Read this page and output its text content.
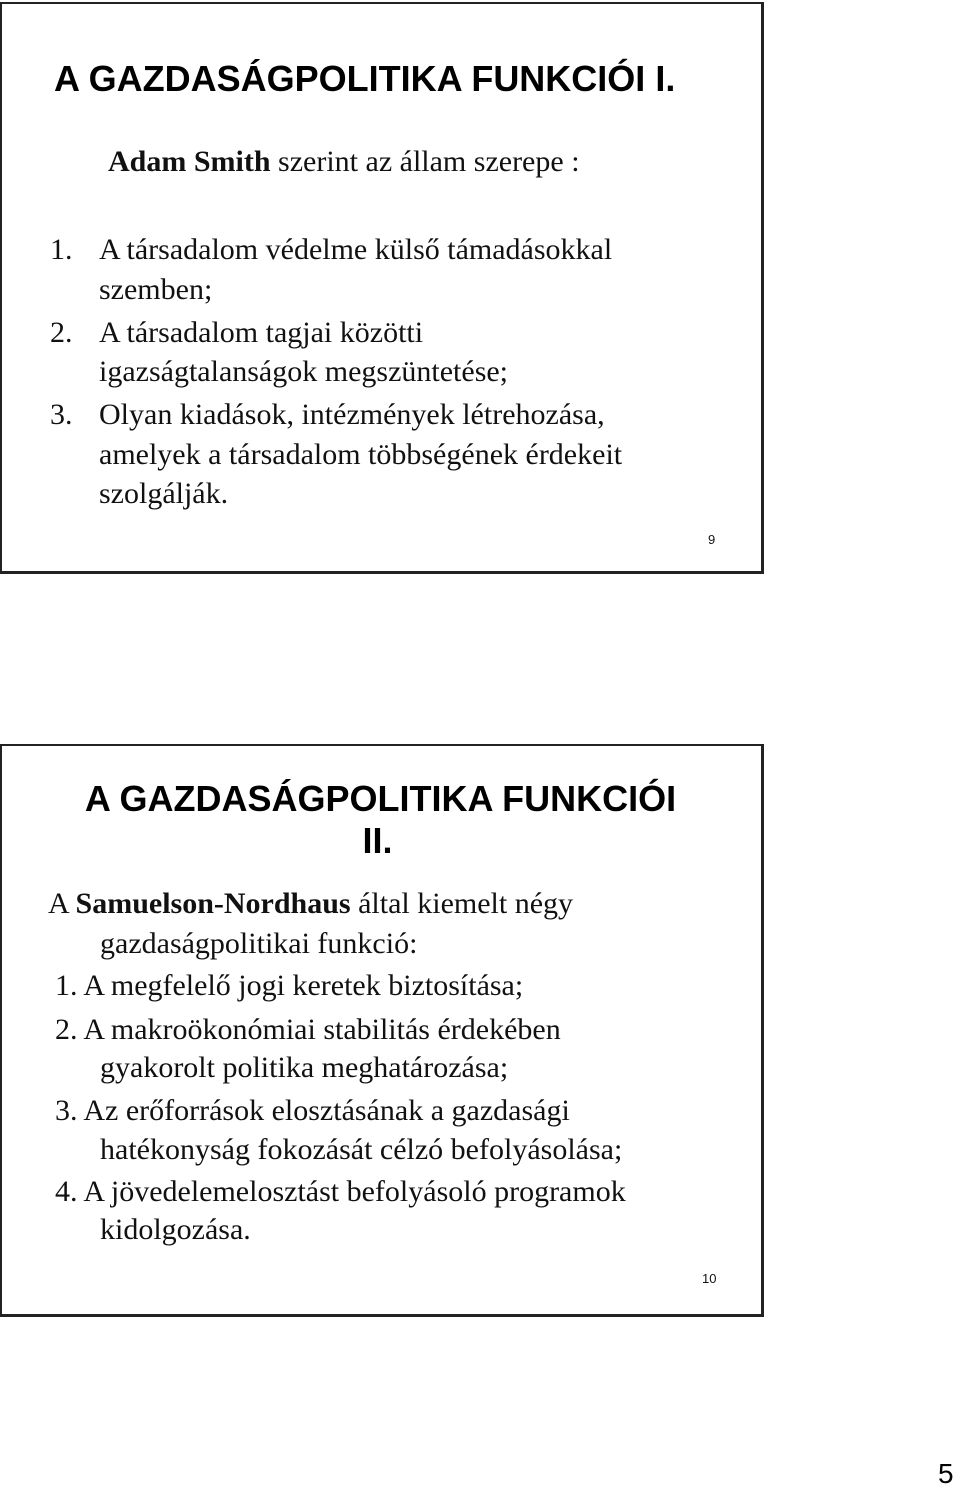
A GAZDASÁGPOLITIKA FUNKCIÓI I.
Adam Smith szerint az állam szerepe :
1. A társadalom védelme külső támadásokkal
szemben;
2. A társadalom tagjai közötti
igazságtalanságok megszüntetése;
3. Olyan kiadások, intézmények létrehozása,
amelyek a társadalom többségének érdekeit
szolgálják.
9
A GAZDASÁGPOLITIKA FUNKCIÓI
II.
A Samuelson-Nordhaus által kiemelt négy
gazdaságpolitikai funkció:
1. A megfelelő jogi keretek biztosítása;
2. A makroökonómiai stabilitás érdekében
gyakorolt politika meghatározása;
3. Az erőforrások elosztásának a gazdasági
hatékonyság fokozását célzó befolyásolása;
4. A jövedelemelosztást befolyásoló programok
kidolgozása.
10
5
